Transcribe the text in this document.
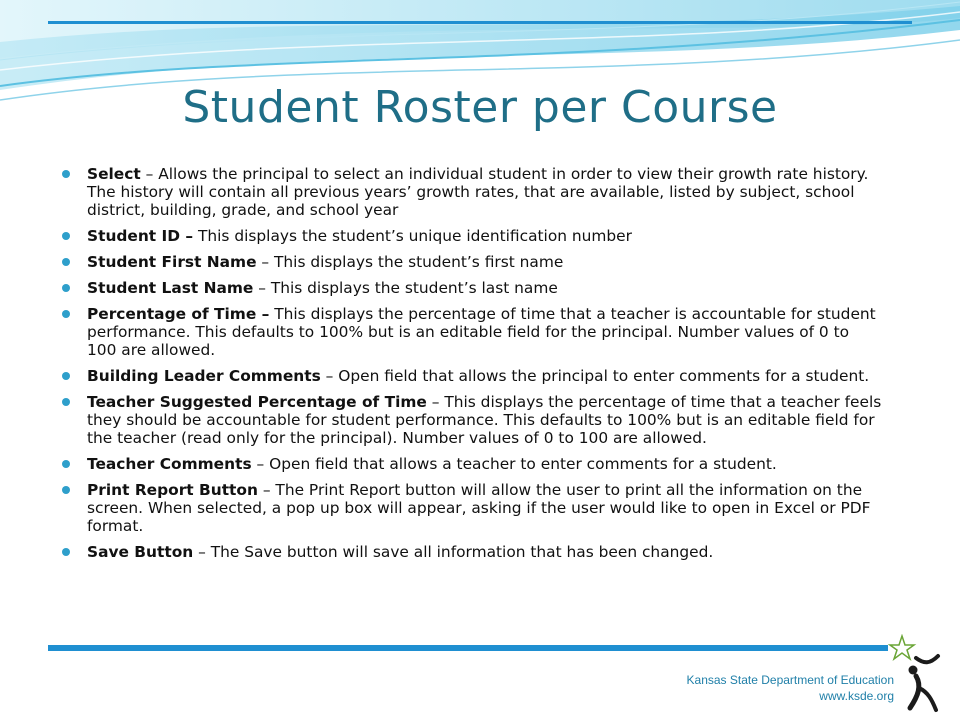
Student Roster per Course
Select – Allows the principal to select an individual student in order to view their growth rate history. The history will contain all previous years’ growth rates, that are available, listed by subject, school district, building, grade, and school year
Student ID – This displays the student’s unique identification number
Student First Name – This displays the student’s first name
Student Last Name – This displays the student’s last name
Percentage of Time – This displays the percentage of time that a teacher is accountable for student performance. This defaults to 100% but is an editable field for the principal. Number values of 0 to 100 are allowed.
Building Leader Comments – Open field that allows the principal to enter comments for a student.
Teacher Suggested Percentage of Time – This displays the percentage of time that a teacher feels they should be accountable for student performance. This defaults to 100% but is an editable field for the teacher (read only for the principal). Number values of 0 to 100 are allowed.
Teacher Comments – Open field that allows a teacher to enter comments for a student.
Print Report Button – The Print Report button will allow the user to print all the information on the screen. When selected, a pop up box will appear, asking if the user would like to open in Excel or PDF format.
Save Button – The Save button will save all information that has been changed.
Kansas State Department of Education
www.ksde.org
